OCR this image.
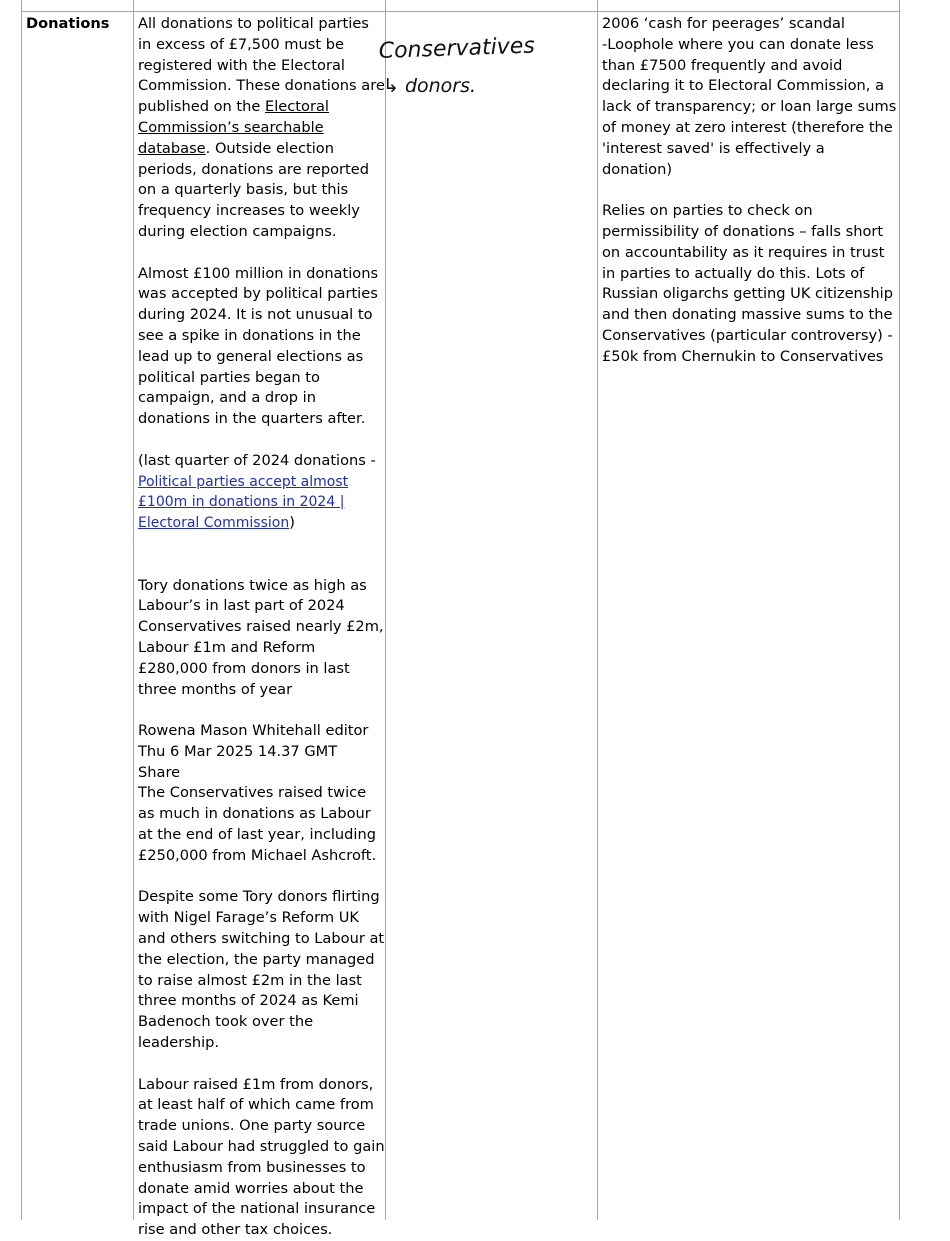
Donations	All donations to political parties in excess of £7,500 must be registered with the Electoral Commission. These donations are published on the Electoral Commission’s searchable database. Outside election periods, donations are reported on a quarterly basis, but this frequency increases to weekly during election campaigns.

Almost £100 million in donations was accepted by political parties during 2024. It is not unusual to see a spike in donations in the lead up to general elections as political parties began to campaign, and a drop in donations in the quarters after.

(last quarter of 2024 donations - Political parties accept almost £100m in donations in 2024 | Electoral Commission)

Tory donations twice as high as Labour’s in last part of 2024 Conservatives raised nearly £2m, Labour £1m and Reform £280,000 from donors in last three months of year

Rowena Mason Whitehall editor

Thu 6 Mar 2025 14.37 GMT

Share

The Conservatives raised twice as much in donations as Labour at the end of last year, including £250,000 from Michael Ashcroft.

Despite some Tory donors flirting with Nigel Farage’s Reform UK and others switching to Labour at the election, the party managed to raise almost £2m in the last three months of 2024 as Kemi Badenoch took over the leadership.

Labour raised £1m from donors, at least half of which came from trade unions. One party source said Labour had struggled to gain enthusiasm from businesses to donate amid worries about the impact of the national insurance rise and other tax choices.

2006 ‘cash for peerages’ scandal

-Loophole where you can donate less than £7500 frequently and avoid declaring it to Electoral Commission, a lack of transparency; or loan large sums of money at zero interest (therefore the 'interest saved' is effectively a donation)

Relies on parties to check on permissibility of donations – falls short on accountability as it requires in trust in parties to actually do this. Lots of Russian oligarchs getting UK citizenship and then donating massive sums to the Conservatives (particular controversy) - £50k from Chernukin to Conservatives

Conservatives
↳ donors.
